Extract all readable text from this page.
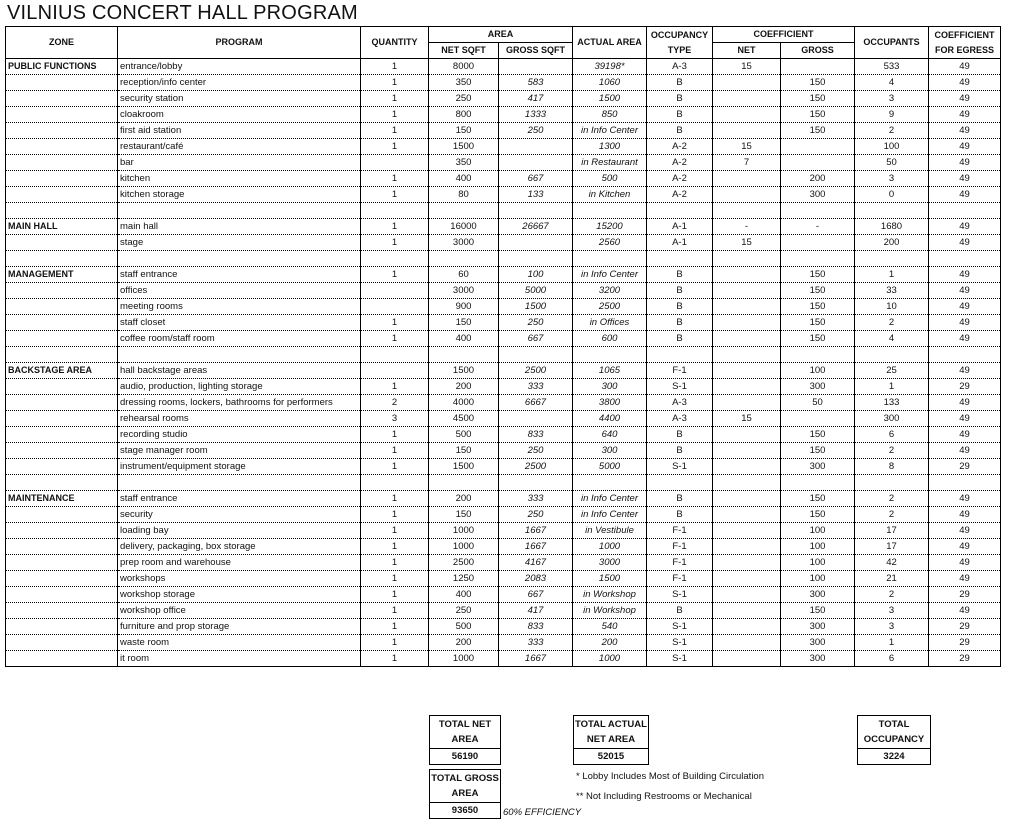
VILNIUS CONCERT HALL PROGRAM
ZONE	PROGRAM	QUANTITY	AREA		ACTUAL AREA	OCCUPANCY TYPE	COEFFICIENT		OCCUPANTS	COEFFICIENT FOR EGRESS
			NET SQFT	GROSS SQFT			NET	GROSS		
PUBLIC FUNCTIONS	entrance/lobby	1	8000		39198*	A-3	15		533	49
	reception/info center	1	350	583	1060	B		150	4	49
	security station	1	250	417	1500	B		150	3	49
	cloakroom	1	800	1333	850	B		150	9	49
	first aid station	1	150	250	in Info Center	B		150	2	49
	restaurant/café	1	1500		1300	A-2	15		100	49
	bar		350		in Restaurant	A-2	7		50	49
	kitchen	1	400	667	500	A-2		200	3	49
	kitchen storage	1	80	133	in Kitchen	A-2		300	0	49

MAIN HALL	main hall	1	16000	26667	15200	A-1	-	-	1680	49
	stage	1	3000		2560	A-1	15		200	49

MANAGEMENT	staff entrance	1	60	100	in Info Center	B		150	1	49
	offices		3000	5000	3200	B		150	33	49
	meeting rooms		900	1500	2500	B		150	10	49
	staff closet	1	150	250	in Offices	B		150	2	49
	coffee room/staff room	1	400	667	600	B		150	4	49

BACKSTAGE AREA	hall backstage areas		1500	2500	1065	F-1		100	25	49
	audio, production, lighting storage	1	200	333	300	S-1		300	1	29
	dressing rooms, lockers, bathrooms for performers	2	4000	6667	3800	A-3		50	133	49
	rehearsal rooms	3	4500		4400	A-3	15		300	49
	recording studio	1	500	833	640	B		150	6	49
	stage manager room	1	150	250	300	B		150	2	49
	instrument/equipment storage	1	1500	2500	5000	S-1		300	8	29

MAINTENANCE	staff entrance	1	200	333	in Info Center	B		150	2	49
	security	1	150	250	in Info Center	B		150	2	49
	loading bay	1	1000	1667	in Vestibule	F-1		100	17	49
	delivery, packaging, box storage	1	1000	1667	1000	F-1		100	17	49
	prep room and warehouse	1	2500	4167	3000	F-1		100	42	49
	workshops	1	1250	2083	1500	F-1		100	21	49
	workshop storage	1	400	667	in Workshop	S-1		300	2	29
	workshop office	1	250	417	in Workshop	B		150	3	49
	furniture and prop storage	1	500	833	540	S-1		300	3	29
	waste room	1	200	333	200	S-1		300	1	29
	it room	1	1000	1667	1000	S-1		300	6	29
TOTAL NET AREA
56190
TOTAL GROSS AREA
93650	60% EFFICIENCY
TOTAL ACTUAL NET AREA
52015
TOTAL OCCUPANCY
3224
* Lobby Includes Most of Building Circulation
** Not Including Restrooms or Mechanical
